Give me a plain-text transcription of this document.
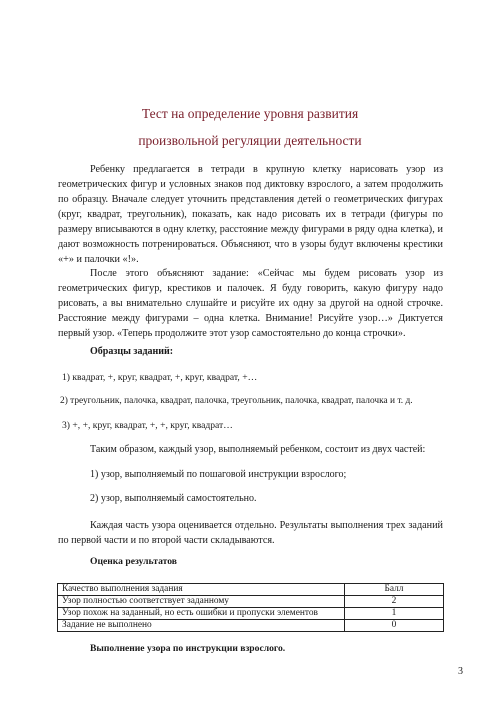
Тест на определение уровня развития
произвольной регуляции деятельности
Ребенку предлагается в тетради в крупную клетку нарисовать узор из геометрических фигур и условных знаков под диктовку взрослого, а затем продолжить по образцу. Вначале следует уточнить представления детей о геометрических фигурах (круг, квадрат, треугольник), показать, как надо рисовать их в тетради (фигуры по размеру вписываются в одну клетку, расстояние между фигурами в ряду одна клетка), и дают возможность потренироваться. Объясняют, что в узоры будут включены крестики «+» и палочки «!».
После этого объясняют задание: «Сейчас мы будем рисовать узор из геометрических фигур, крестиков и палочек. Я буду говорить, какую фигуру надо рисовать, а вы внимательно слушайте и рисуйте их одну за другой на одной строчке. Расстояние между фигурами – одна клетка. Внимание! Рисуйте узор…» Диктуется первый узор. «Теперь продолжите этот узор самостоятельно до конца строчки».
Образцы заданий:
1) квадрат, +, круг, квадрат, +, круг, квадрат, +…
2) треугольник, палочка, квадрат, палочка, треугольник, палочка, квадрат, палочка и т. д.
3) +, +, круг, квадрат, +, +, круг, квадрат…
Таким образом, каждый узор, выполняемый ребенком, состоит из двух частей:
1) узор, выполняемый по пошаговой инструкции взрослого;
2) узор, выполняемый самостоятельно.
Каждая часть узора оценивается отдельно. Результаты выполнения трех заданий по первой части и по второй части складываются.
Оценка результатов
Качество выполнения задания	Балл
Узор полностью соответствует заданному	2
Узор похож на заданный, но есть ошибки и пропуски элементов	1
Задание не выполнено	0
Выполнение узора по инструкции взрослого.
3
